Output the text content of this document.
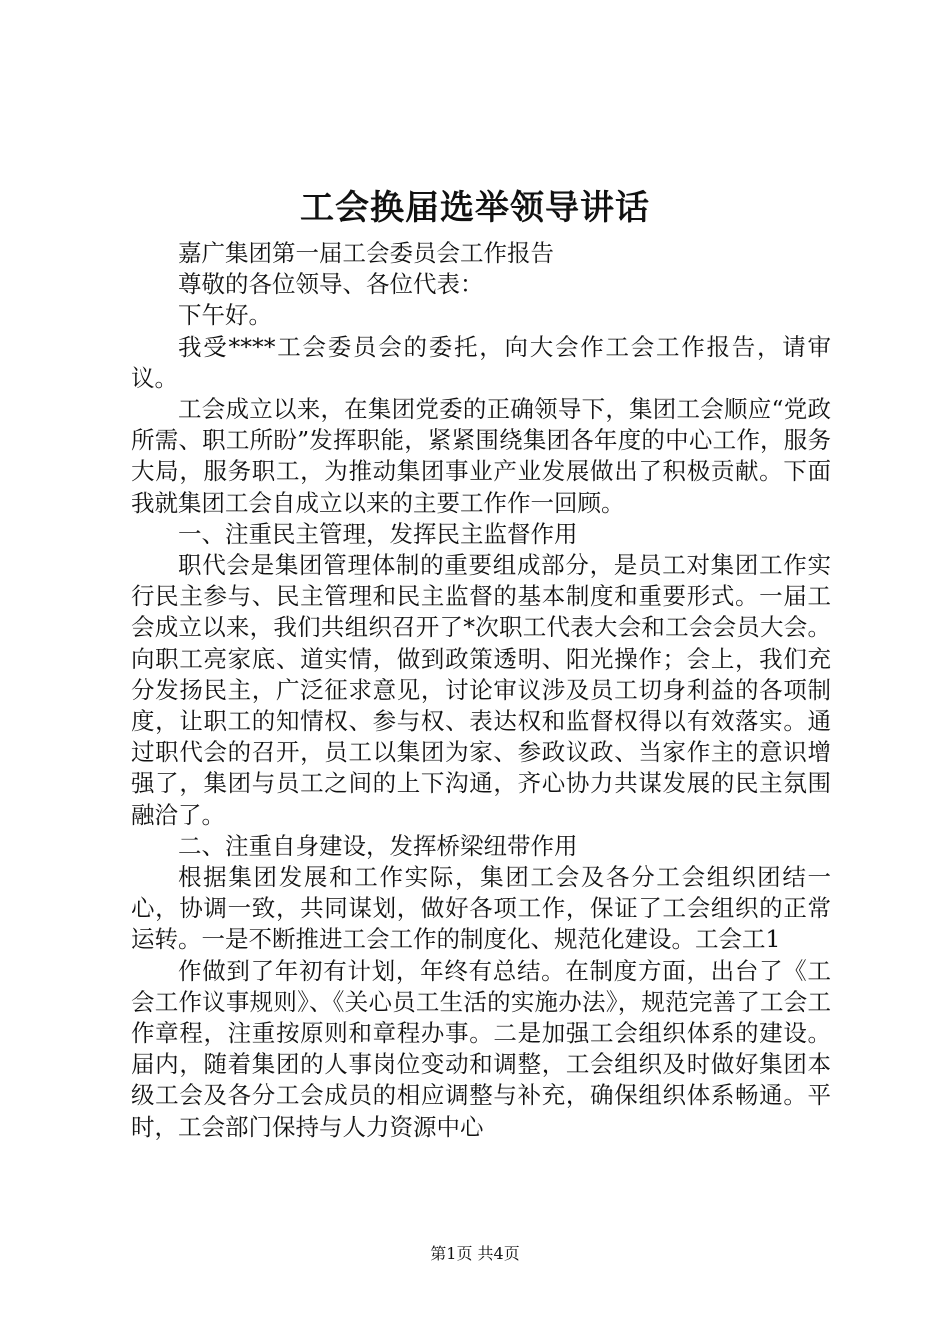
工会换届选举领导讲话

嘉广集团第一届工会委员会工作报告

尊敬的各位领导、各位代表：

下午好。

我受****工会委员会的委托，向大会作工会工作报告，请审议。

工会成立以来，在集团党委的正确领导下，集团工会顺应“党政所需、职工所盼”发挥职能，紧紧围绕集团各年度的中心工作，服务大局，服务职工，为推动集团事业产业发展做出了积极贡献。下面我就集团工会自成立以来的主要工作作一回顾。

一、注重民主管理，发挥民主监督作用

职代会是集团管理体制的重要组成部分，是员工对集团工作实行民主参与、民主管理和民主监督的基本制度和重要形式。一届工会成立以来，我们共组织召开了*次职工代表大会和工会会员大会。向职工亮家底、道实情，做到政策透明、阳光操作；会上，我们充分发扬民主，广泛征求意见，讨论审议涉及员工切身利益的各项制度，让职工的知情权、参与权、表达权和监督权得以有效落实。通过职代会的召开，员工以集团为家、参政议政、当家作主的意识增强了，集团与员工之间的上下沟通，齐心协力共谋发展的民主氛围融洽了。

二、注重自身建设，发挥桥梁纽带作用

根据集团发展和工作实际，集团工会及各分工会组织团结一心，协调一致，共同谋划，做好各项工作，保证了工会组织的正常运转。一是不断推进工会工作的制度化、规范化建设。工会工1

作做到了年初有计划，年终有总结。在制度方面，出台了《工会工作议事规则》、《关心员工生活的实施办法》，规范完善了工会工作章程，注重按原则和章程办事。二是加强工会组织体系的建设。届内，随着集团的人事岗位变动和调整，工会组织及时做好集团本级工会及各分工会成员的相应调整与补充，确保组织体系畅通。平时，工会部门保持与人力资源中心

第1页 共4页
